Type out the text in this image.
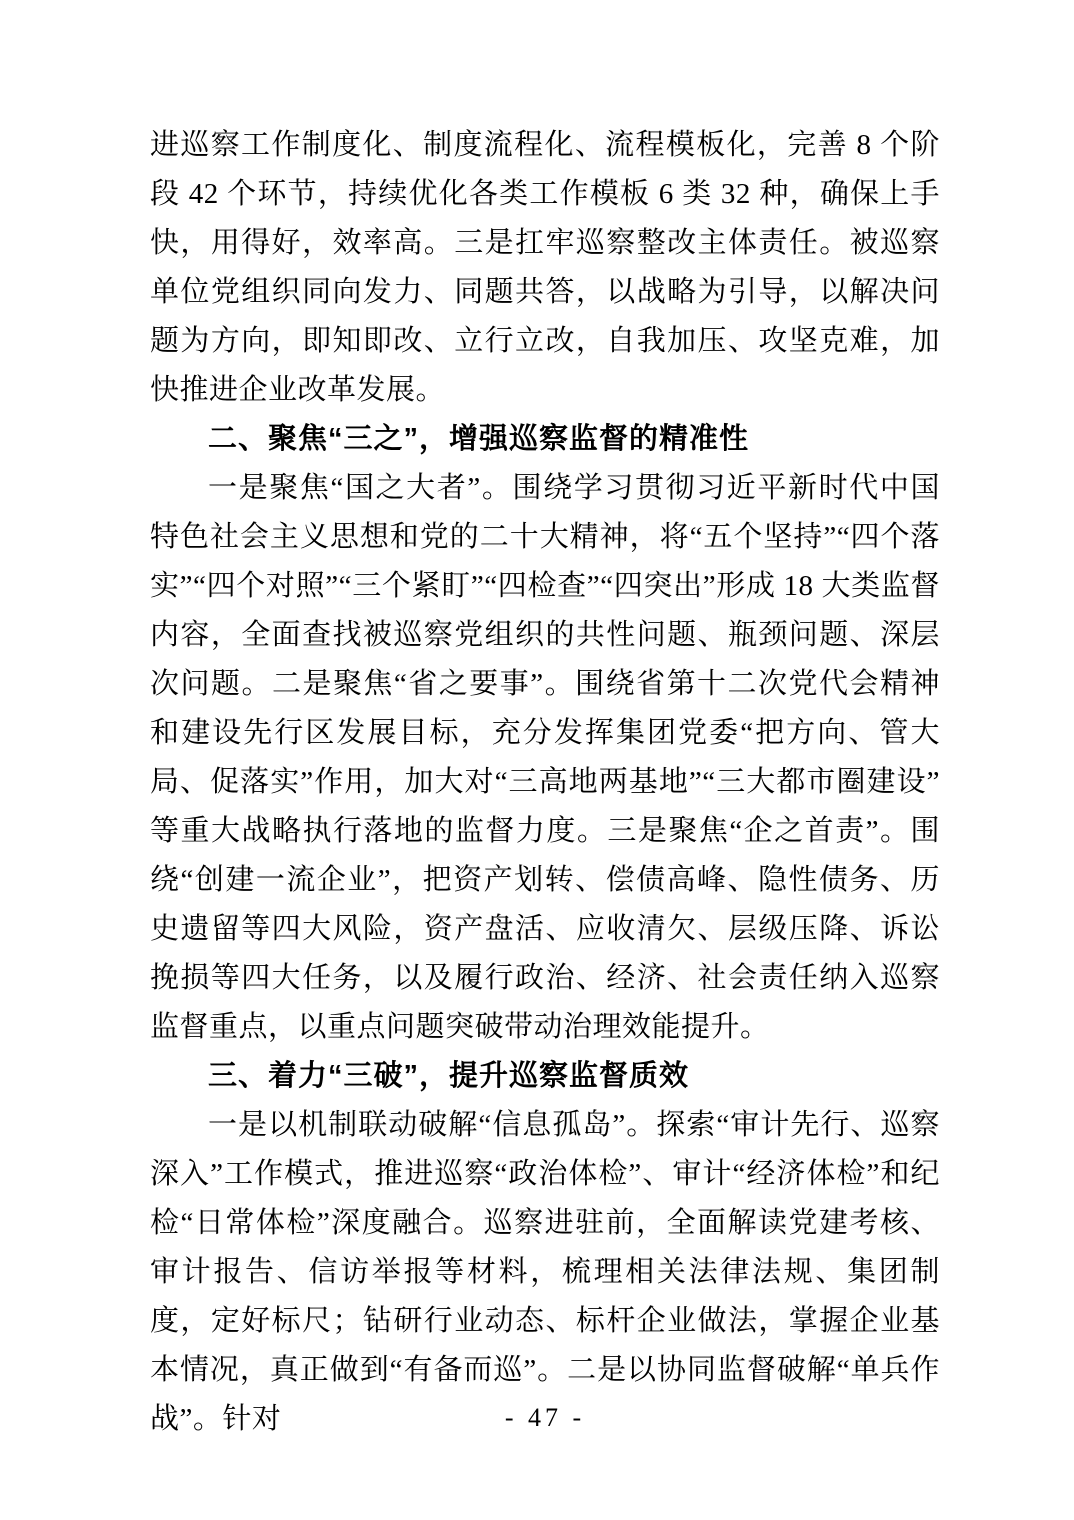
进巡察工作制度化、制度流程化、流程模板化，完善 8 个阶段 42 个环节，持续优化各类工作模板 6 类 32 种，确保上手快，用得好，效率高。三是扛牢巡察整改主体责任。被巡察单位党组织同向发力、同题共答，以战略为引导，以解决问题为方向，即知即改、立行立改，自我加压、攻坚克难，加快推进企业改革发展。

二、聚焦“三之”，增强巡察监督的精准性

一是聚焦“国之大者”。围绕学习贯彻习近平新时代中国特色社会主义思想和党的二十大精神，将“五个坚持”“四个落实”“四个对照”“三个紧盯”“四检查”“四突出”形成 18 大类监督内容，全面查找被巡察党组织的共性问题、瓶颈问题、深层次问题。二是聚焦“省之要事”。围绕省第十二次党代会精神和建设先行区发展目标，充分发挥集团党委“把方向、管大局、促落实”作用，加大对“三高地两基地”“三大都市圈建设”等重大战略执行落地的监督力度。三是聚焦“企之首责”。围绕“创建一流企业”，把资产划转、偿债高峰、隐性债务、历史遗留等四大风险，资产盘活、应收清欠、层级压降、诉讼挽损等四大任务，以及履行政治、经济、社会责任纳入巡察监督重点，以重点问题突破带动治理效能提升。

三、着力“三破”，提升巡察监督质效

一是以机制联动破解“信息孤岛”。探索“审计先行、巡察深入”工作模式，推进巡察“政治体检”、审计“经济体检”和纪检“日常体检”深度融合。巡察进驻前，全面解读党建考核、审计报告、信访举报等材料，梳理相关法律法规、集团制度，定好标尺；钻研行业动态、标杆企业做法，掌握企业基本情况，真正做到“有备而巡”。二是以协同监督破解“单兵作战”。针对	- 47 -
